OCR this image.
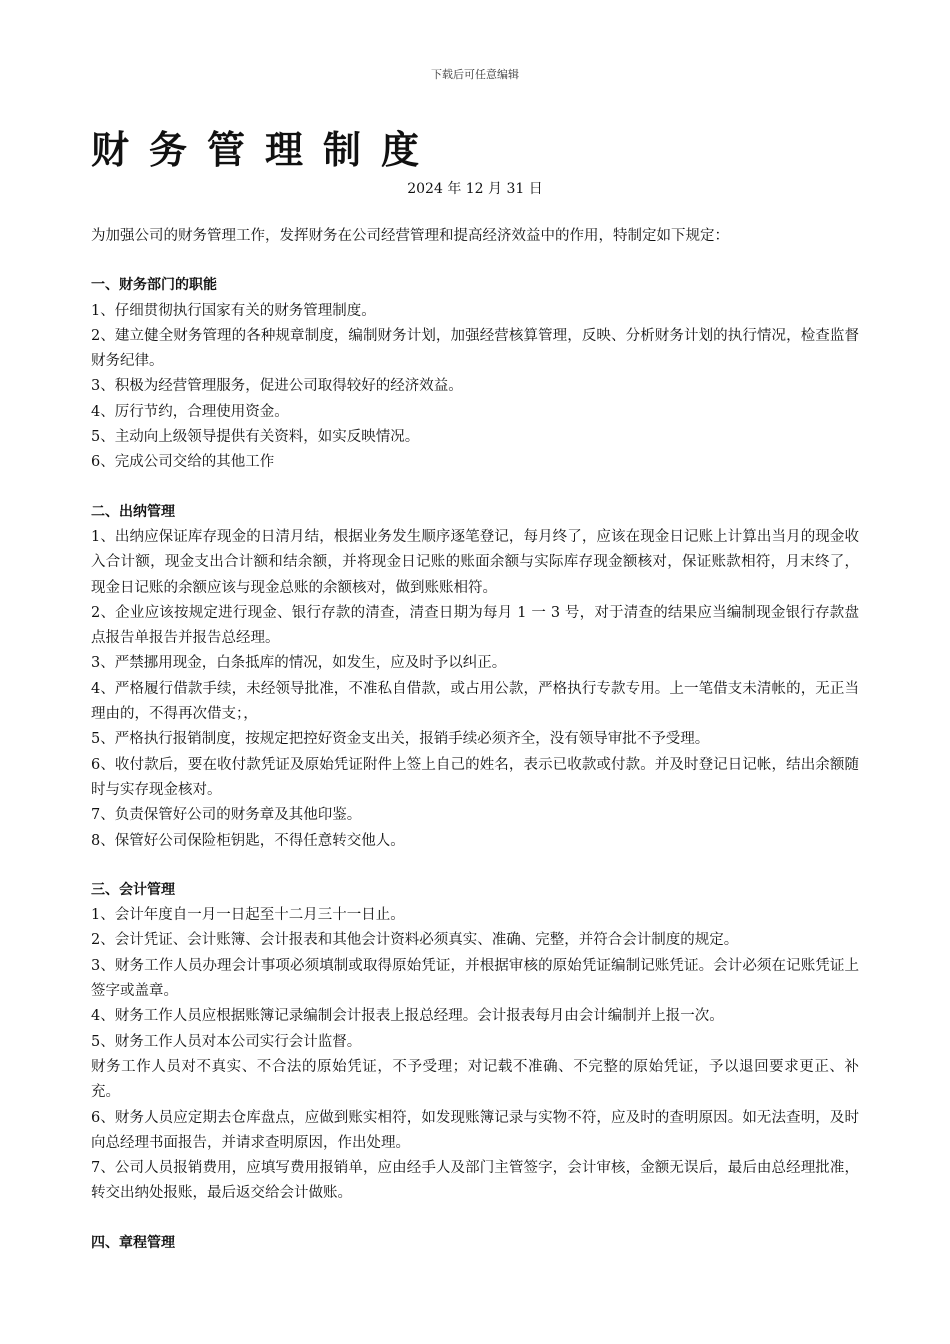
下载后可任意编辑
财务管理制度
2024 年 12 月 31 日

为加强公司的财务管理工作，发挥财务在公司经营管理和提高经济效益中的作用，特制定如下规定：

一、财务部门的职能

1、仔细贯彻执行国家有关的财务管理制度。

2、建立健全财务管理的各种规章制度，编制财务计划，加强经营核算管理，反映、分析财务计划的执行情况，检查监督财务纪律。

3、积极为经营管理服务，促进公司取得较好的经济效益。

4、厉行节约，合理使用资金。

5、主动向上级领导提供有关资料，如实反映情况。

6、完成公司交给的其他工作

二、出纳管理

1、出纳应保证库存现金的日清月结，根据业务发生顺序逐笔登记，每月终了，应该在现金日记账上计算出当月的现金收入合计额，现金支出合计额和结余额，并将现金日记账的账面余额与实际库存现金额核对，保证账款相符，月末终了，现金日记账的余额应该与现金总账的余额核对，做到账账相符。

2、企业应该按规定进行现金、银行存款的清查，清查日期为每月 1 一 3 号，对于清查的结果应当编制现金银行存款盘点报告单报告并报告总经理。

3、严禁挪用现金，白条抵库的情况，如发生，应及时予以纠正。

4、严格履行借款手续，未经领导批准，不准私自借款，或占用公款，严格执行专款专用。上一笔借支未清帐的，无正当理由的，不得再次借支；，

5、严格执行报销制度，按规定把控好资金支出关，报销手续必须齐全，没有领导审批不予受理。

6、收付款后，要在收付款凭证及原始凭证附件上签上自己的姓名，表示已收款或付款。并及时登记日记帐，结出余额随时与实存现金核对。

7、负责保管好公司的财务章及其他印鉴。

8、保管好公司保险柜钥匙，不得任意转交他人。

三、会计管理

1、会计年度自一月一日起至十二月三十一日止。

2、会计凭证、会计账簿、会计报表和其他会计资料必须真实、准确、完整，并符合会计制度的规定。

3、财务工作人员办理会计事项必须填制或取得原始凭证，并根据审核的原始凭证编制记账凭证。会计必须在记账凭证上签字或盖章。

4、财务工作人员应根据账簿记录编制会计报表上报总经理。会计报表每月由会计编制并上报一次。

5、财务工作人员对本公司实行会计监督。

财务工作人员对不真实、不合法的原始凭证，不予受理；对记载不准确、不完整的原始凭证，予以退回要求更正、补充。

6、财务人员应定期去仓库盘点，应做到账实相符，如发现账簿记录与实物不符，应及时的查明原因。如无法查明，及时向总经理书面报告，并请求查明原因，作出处理。

7、公司人员报销费用，应填写费用报销单，应由经手人及部门主管签字，会计审核，金额无误后，最后由总经理批准，转交出纳处报账，最后返交给会计做账。

四、章程管理
